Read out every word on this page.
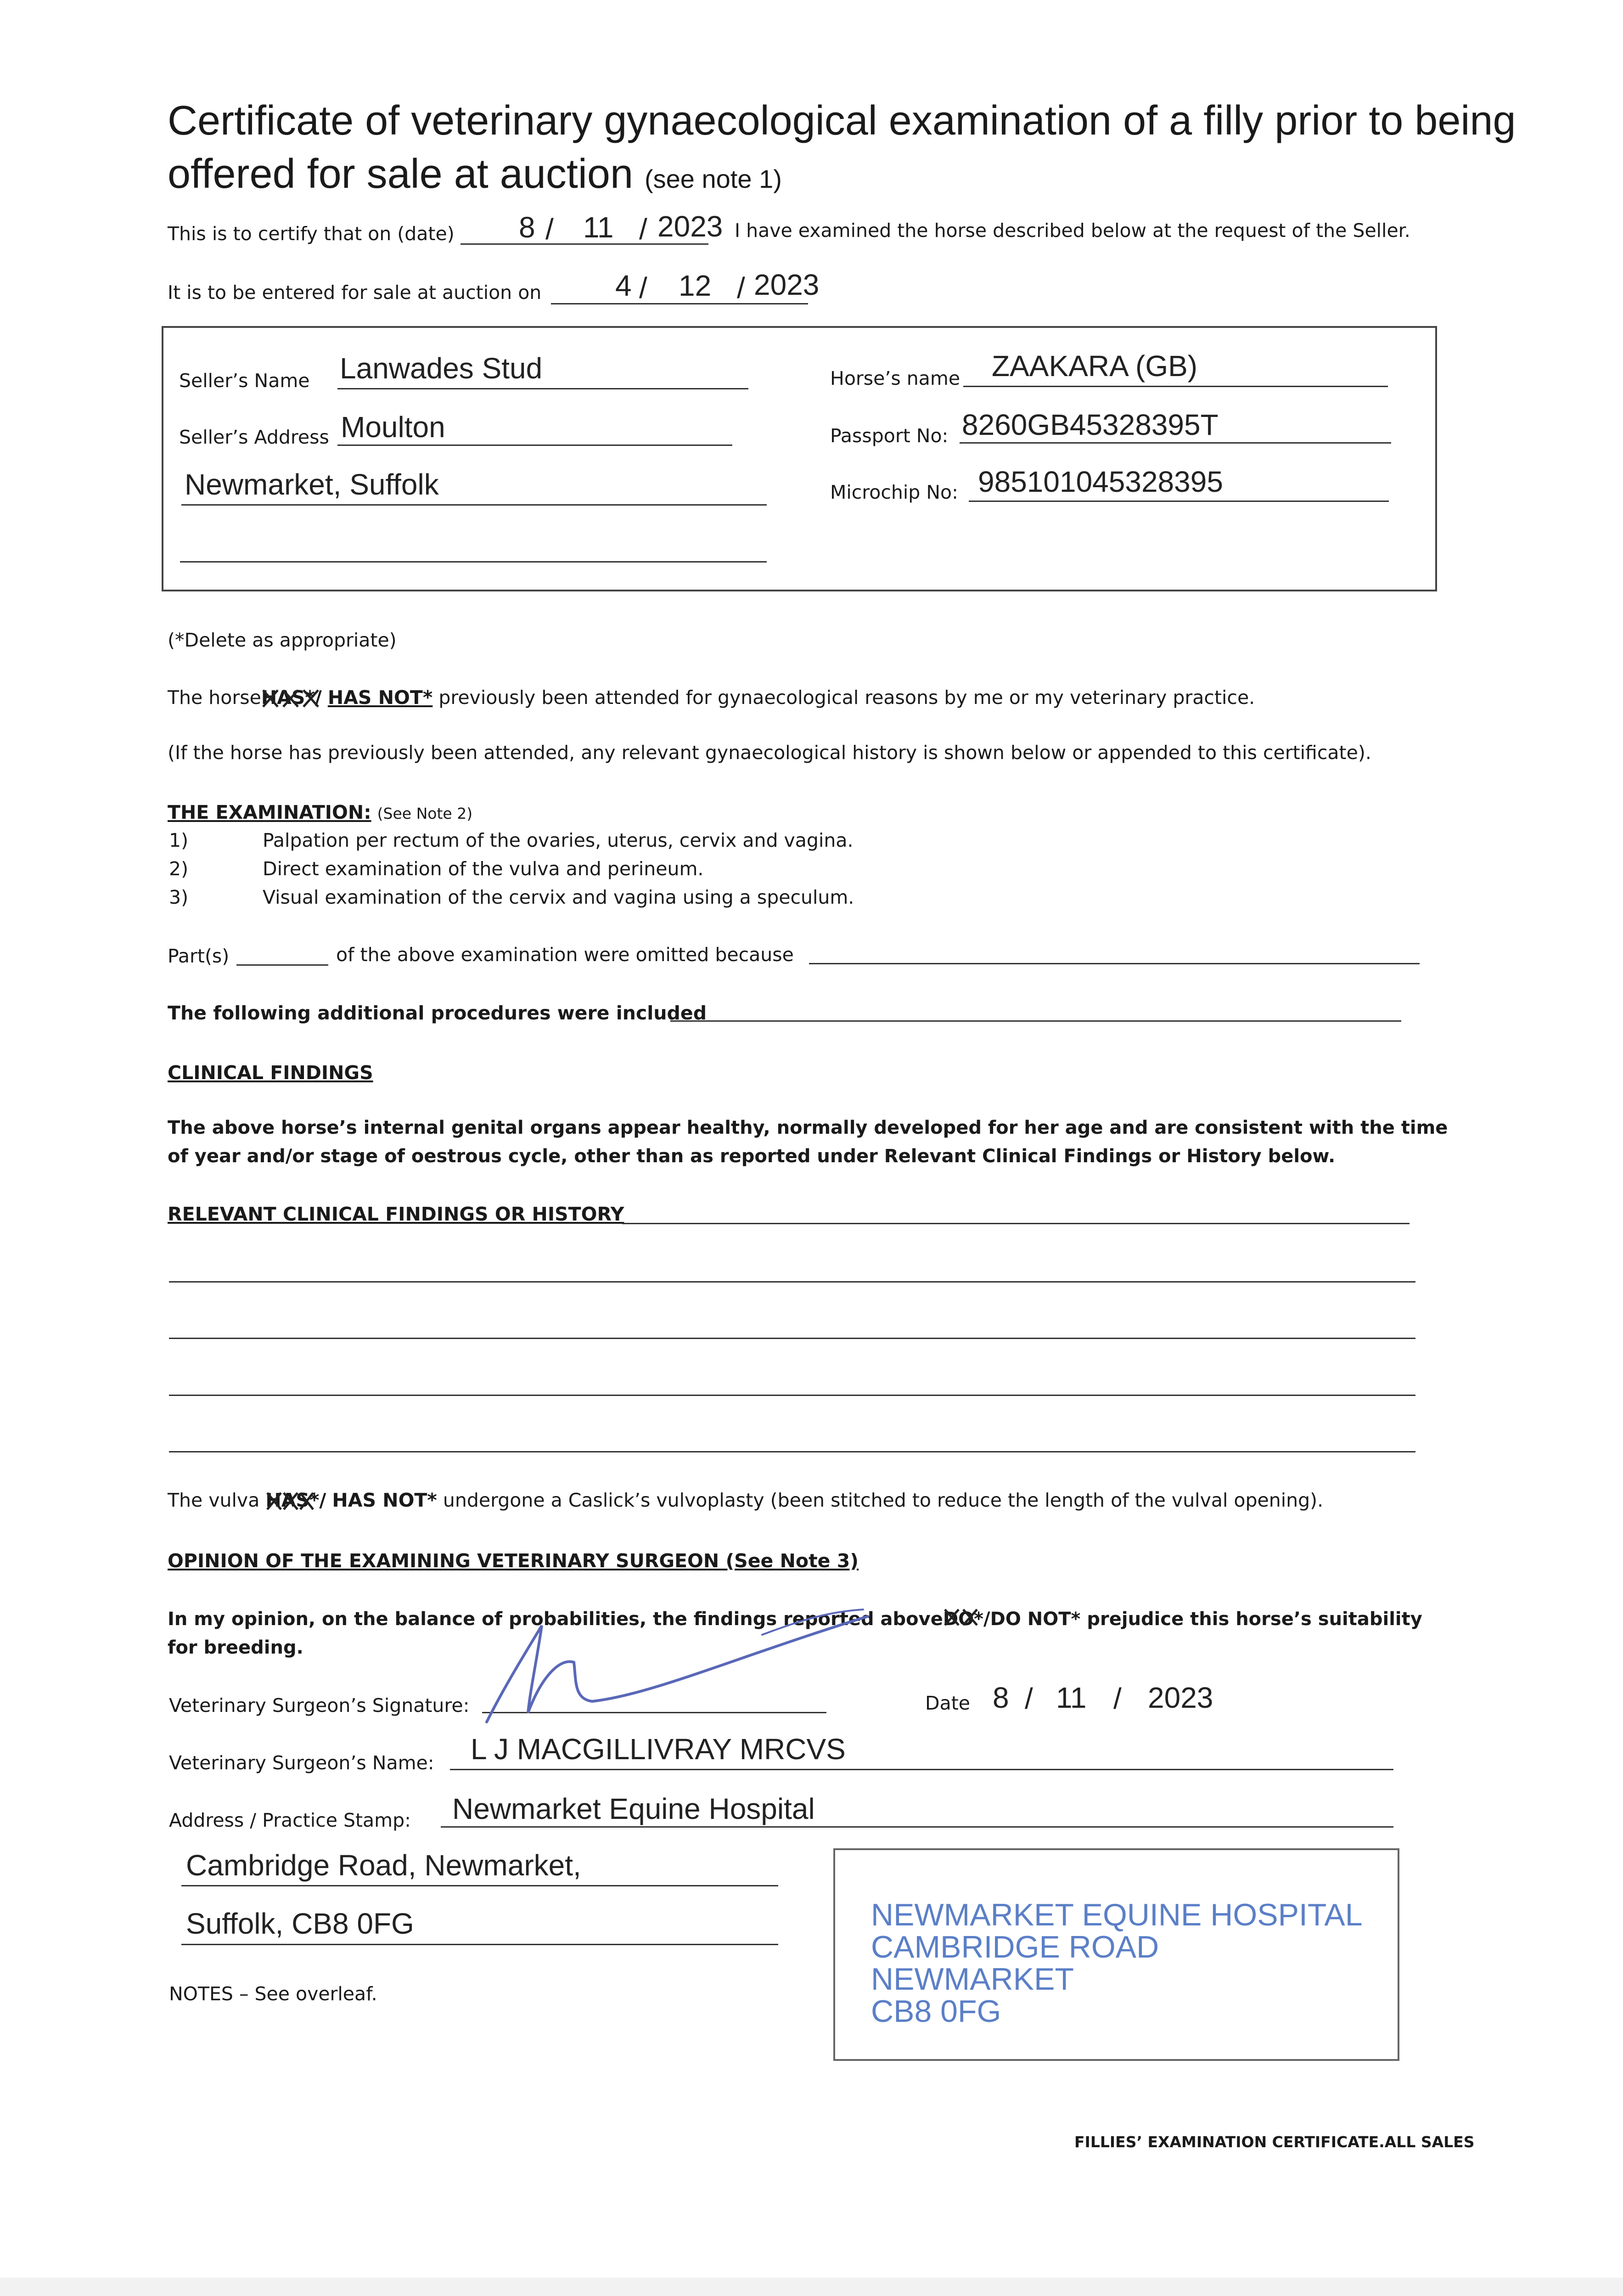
Certificate of veterinary gynaecological examination of a filly prior to being offered for sale at auction (see note 1)
This is to certify that on (date) 8 / 11 / 2023 I have examined the horse described below at the request of the Seller.
It is to be entered for sale at auction on	4 / 12 / 2023
Seller’s Name Lanwades Stud
Seller’s Address Moulton
Newmarket, Suffolk
Horse’s name ZAAKARA (GB)
Passport No: 8260GB45328395T
Microchip No: 985101045328395
(*Delete as appropriate)
The horseHAS*/ HAS NOT* previously been attended for gynaecological reasons by me or my veterinary practice.
(If the horse has previously been attended, any relevant gynaecological history is shown below or appended to this certificate).
THE EXAMINATION: (See Note 2)
1)	Palpation per rectum of the ovaries, uterus, cervix and vagina.
2)	Direct examination of the vulva and perineum.
3)	Visual examination of the cervix and vagina using a speculum.
Part(s)	of the above examination were omitted because
The following additional procedures were included
CLINICAL FINDINGS
The above horse’s internal genital organs appear healthy, normally developed for her age and are consistent with the time of year and/or stage of oestrous cycle, other than as reported under Relevant Clinical Findings or History below.
RELEVANT CLINICAL FINDINGS OR HISTORY
The vulva HAS*/ HAS NOT* undergone a Caslick’s vulvoplasty (been stitched to reduce the length of the vulval opening).
OPINION OF THE EXAMINING VETERINARY SURGEON (See Note 3)
In my opinion, on the balance of probabilities, the findings reported aboveDO*/
DO NOT* prejudice this horse’s suitability for breeding.
Veterinary Surgeon’s Signature:	Date 8 / 11 / 2023
Veterinary Surgeon’s Name: L J MACGILLIVRAY MRCVS
Address / Practice Stamp: Newmarket Equine Hospital
Cambridge Road, Newmarket,
Suffolk, CB8 0FG	NEWMARKET EQUINE HOSPITAL
CAMBRIDGE ROAD
NEWMARKET
CB8 0FG
NOTES – See overleaf.
FILLIES’ EXAMINATION CERTIFICATE.ALL SALES
